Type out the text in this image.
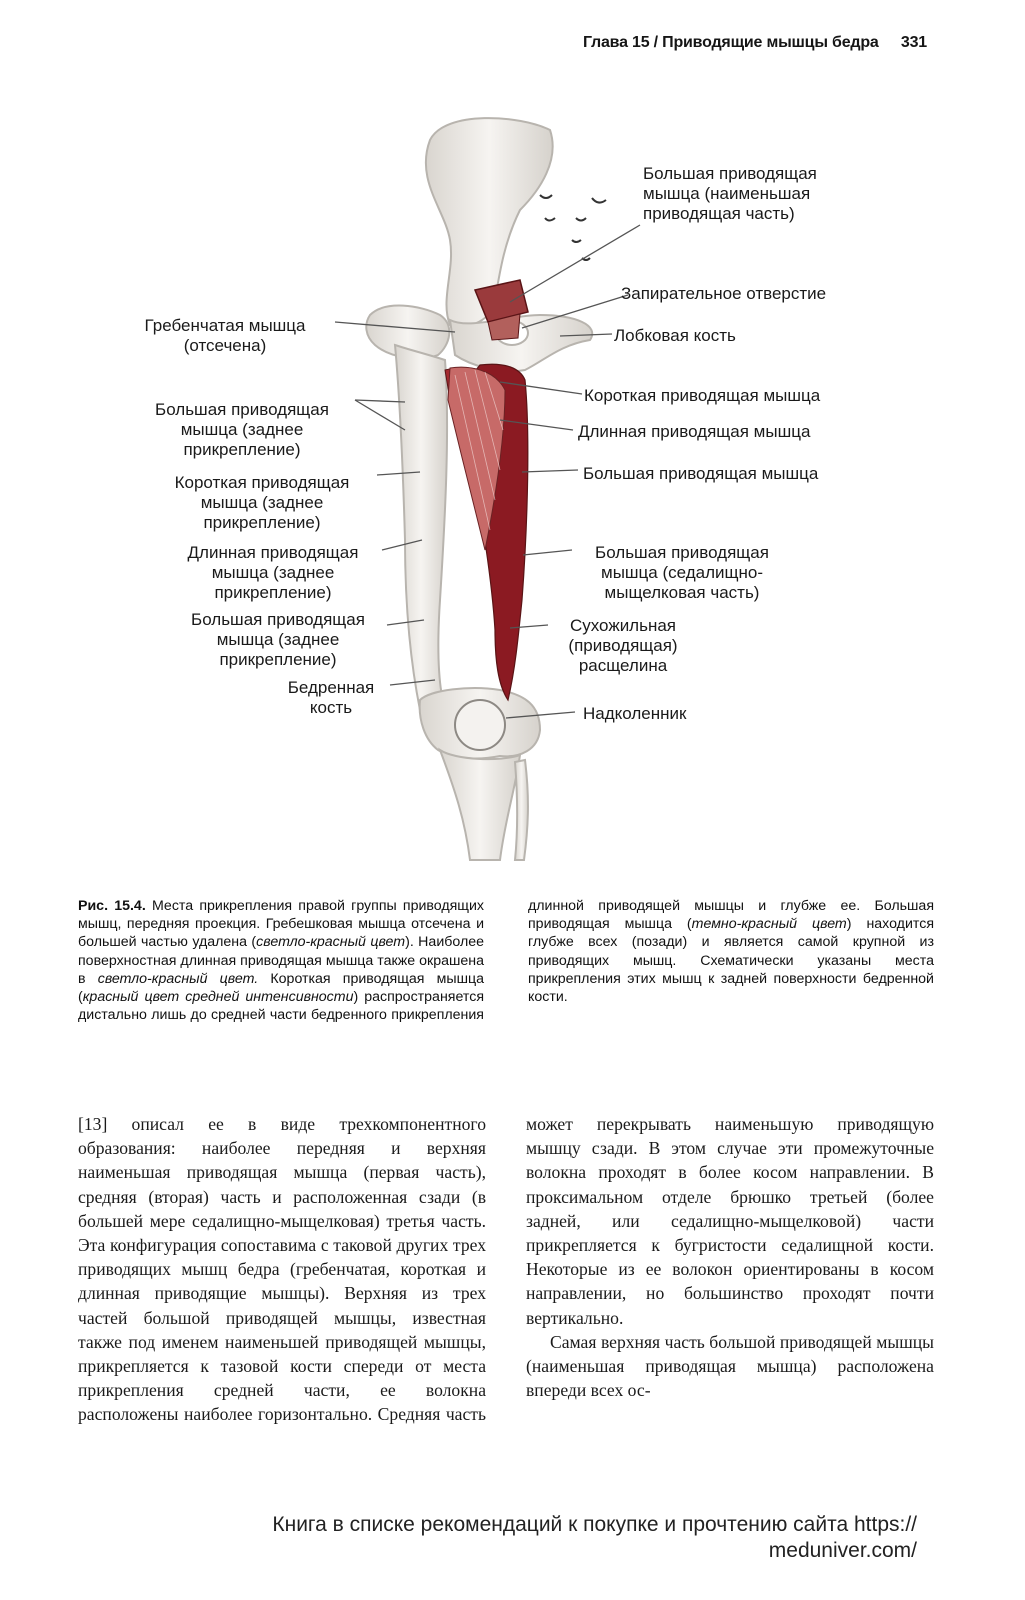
Глава 15 / Приводящие мышцы бедра 331
Большая приводящая
мышца (наименьшая
приводящая часть)
Запирательное отверстие
Гребенчатая мышца
(отсечена)
Лобковая кость
Большая приводящая
мышца (заднее
прикрепление)
Короткая приводящая мышца
Длинная приводящая мышца
Короткая приводящая
мышца (заднее
прикрепление)
Большая приводящая мышца
Длинная приводящая
мышца (заднее
прикрепление)
Большая приводящая
мышца (седалищно-
мыщелковая часть)
Большая приводящая
мышца (заднее
прикреплениe)
Сухожильная
(приводящая)
расщелина
Бедренная
кость	Надколенник
Рис. 15.4. Места прикрепления правой группы приводящих мышц, передняя проекция. Гребешковая мышца отсечена и большей частью удалена (светло-красный цвет). Наиболее поверхностная длинная приводящая мышца также окрашена в светло-красный цвет. Короткая приводящая мышца (красный цвет средней интенсивности) распространяется дистально лишь до средней части бедренного прикрепления длинной приводящей мышцы и глубже ее. Большая приводящая мышца (темно-красный цвет) находится глубже всех (позади) и является самой крупной из приводящих мышц. Схематически указаны места прикрепления этих мышц к задней поверхности бедренной кости.

[13] описал ее в виде трехкомпонентного образования: наиболее передняя и верхняя наименьшая приводящая мышца (первая часть), средняя (вторая) часть и расположенная сзади (в большей мере седалищно-мыщелковая) третья часть. Эта конфигурация сопоставима с таковой других трех приводящих мышц бедра (гребенчатая, короткая и длинная приводящие мышцы). Верхняя из трех частей большой приводящей мышцы, известная также под именем наименьшей приводящей мышцы, прикрепляется к тазовой кости спереди от места прикрепления средней части, ее волокна расположены наиболее горизонтально. Средняя часть может перекрывать наименьшую приводящую мышцу сзади. В этом случае эти промежуточные волокна проходят в более косом направлении. В проксимальном отделе брюшко третьей (более задней, или седалищно-мыщелковой) части прикрепляется к бугристости седалищной кости. Некоторые из ее волокон ориентированы в косом направлении, но большинство проходят почти вертикально.

Самая верхняя часть большой приводящей мышцы (наименьшая приводящая мышца) расположена впереди всех ос-

Книга в списке рекомендаций к покупке и прочтению сайта https://
meduniver.com/
